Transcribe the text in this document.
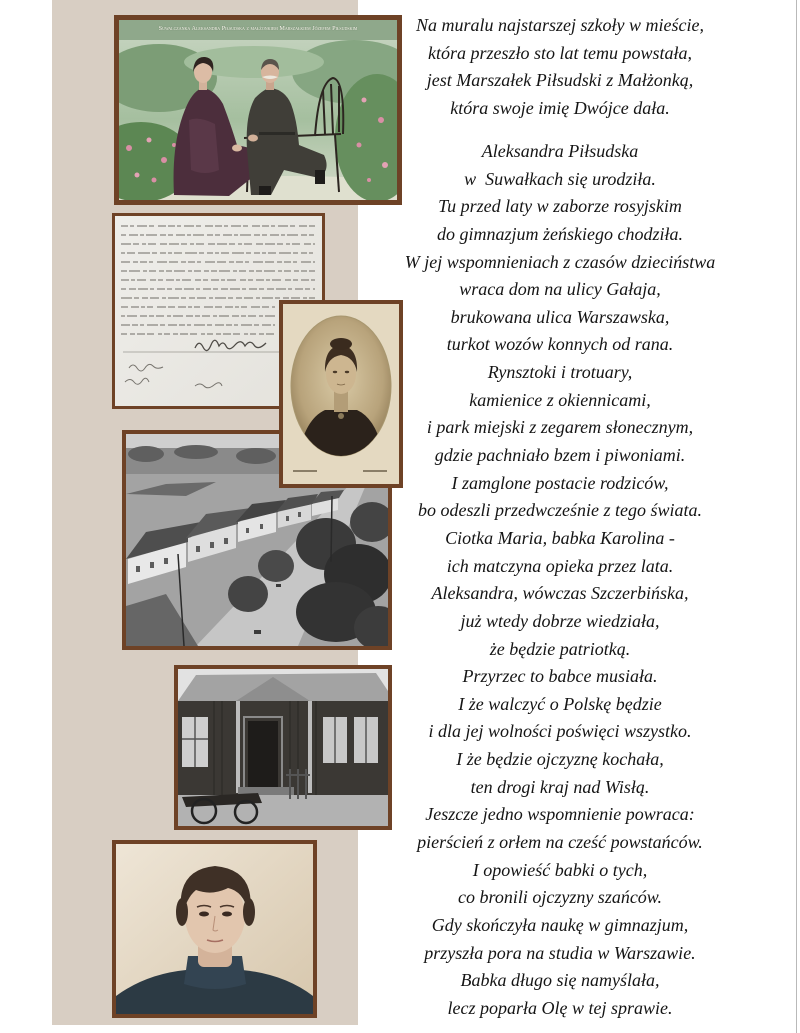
Suwalczanka Aleksandra Piłsudska z małżonkiem Marszałkiem Józefem Piłsudskim	Na muralu najstarszej szkoły w mieście,
która przeszło sto lat temu powstała,
jest Marszałek Piłsudski z Małżonką,
która swoje imię Dwójce dała.
Aleksandra Piłsudska
w  Suwałkach się urodziła.
Tu przed laty w zaborze rosyjskim
do gimnazjum żeńskiego chodziła.
W jej wspomnieniach z czasów dzieciństwa
wraca dom na ulicy Gałaja,
brukowana ulica Warszawska,
turkot wozów konnych od rana.
Rynsztoki i trotuary,
kamienice z okiennicami,
i park miejski z zegarem słonecznym,
gdzie pachniało bzem i piwoniami.
I zamglone postacie rodziców,
bo odeszli przedwcześnie z tego świata.
Ciotka Maria, babka Karolina -
ich matczyna opieka przez lata.
Aleksandra, wówczas Szczerbińska,
już wtedy dobrze wiedziała,
że będzie patriotką.
Przyrzec to babce musiała.
I że walczyć o Polskę będzie
i dla jej wolności poświęci wszystko.
I że będzie ojczyznę kochała,
ten drogi kraj nad Wisłą.
Jeszcze jedno wspomnienie powraca:
pierścień z orłem na cześć powstańców.
I opowieść babki o tych,
co bronili ojczyzny szańców.
Gdy skończyła naukę w gimnazjum,
przyszła pora na studia w Warszawie.
Babka długo się namyślała,
lecz poparła Olę w tej sprawie.
